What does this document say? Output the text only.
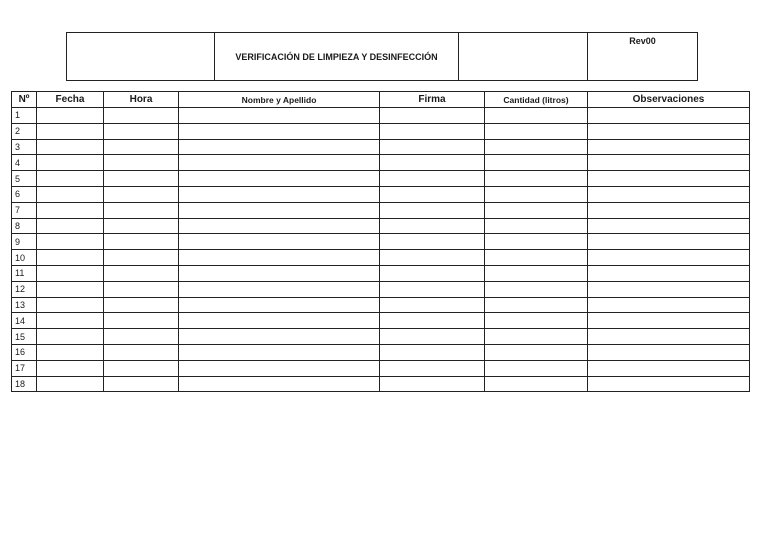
	VERIFICACIÓN DE LIMPIEZA Y DESINFECCIÓN		Rev00
Nº	Fecha	Hora	Nombre y Apellido	Firma	Cantidad (litros)	Observaciones
1						
2						
3						
4						
5						
6						
7						
8						
9						
10						
11						
12						
13						
14						
15						
16						
17						
18						
